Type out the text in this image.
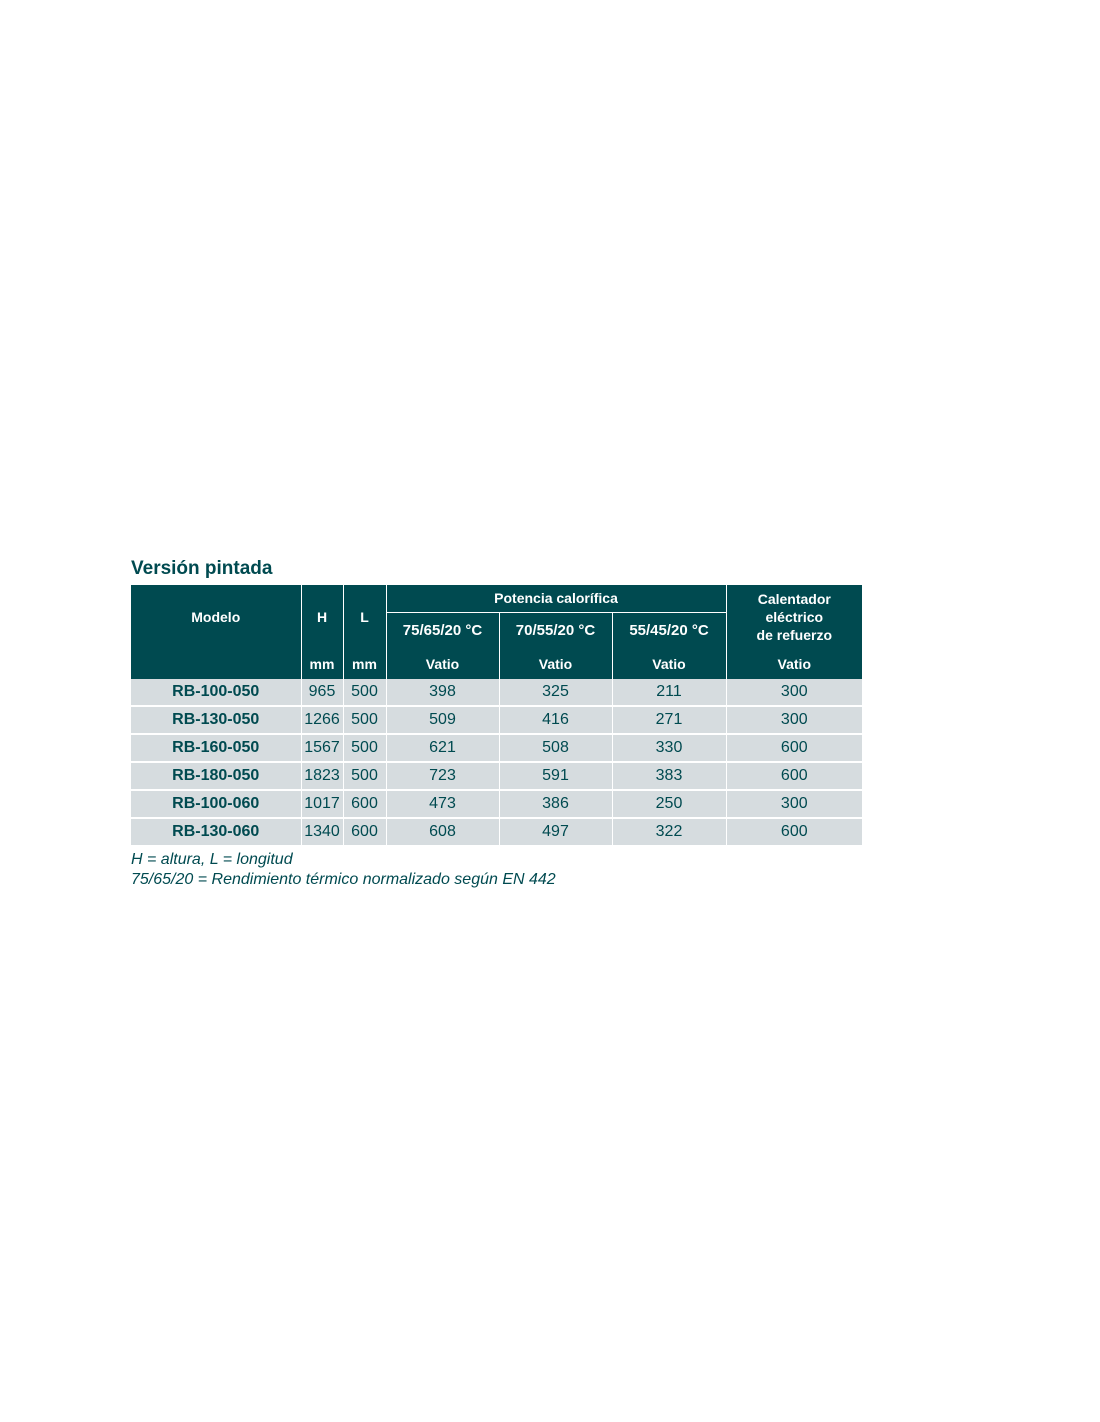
Versión pintada
Modelo	H	L	Potencia calorífica			Calentador
eléctrico
de refuerzo

			75/65/20 °C	70/55/20 °C	55/45/20 °C	
	mm	mm	Vatio	Vatio	Vatio	Vatio
RB-100-050	965	500	398	325	211	300
RB-130-050	1266	500	509	416	271	300
RB-160-050	1567	500	621	508	330	600
RB-180-050	1823	500	723	591	383	600
RB-100-060	1017	600	473	386	250	300
RB-130-060	1340	600	608	497	322	600

H = altura, L = longitud

75/65/20 = Rendimiento térmico normalizado según EN 442
